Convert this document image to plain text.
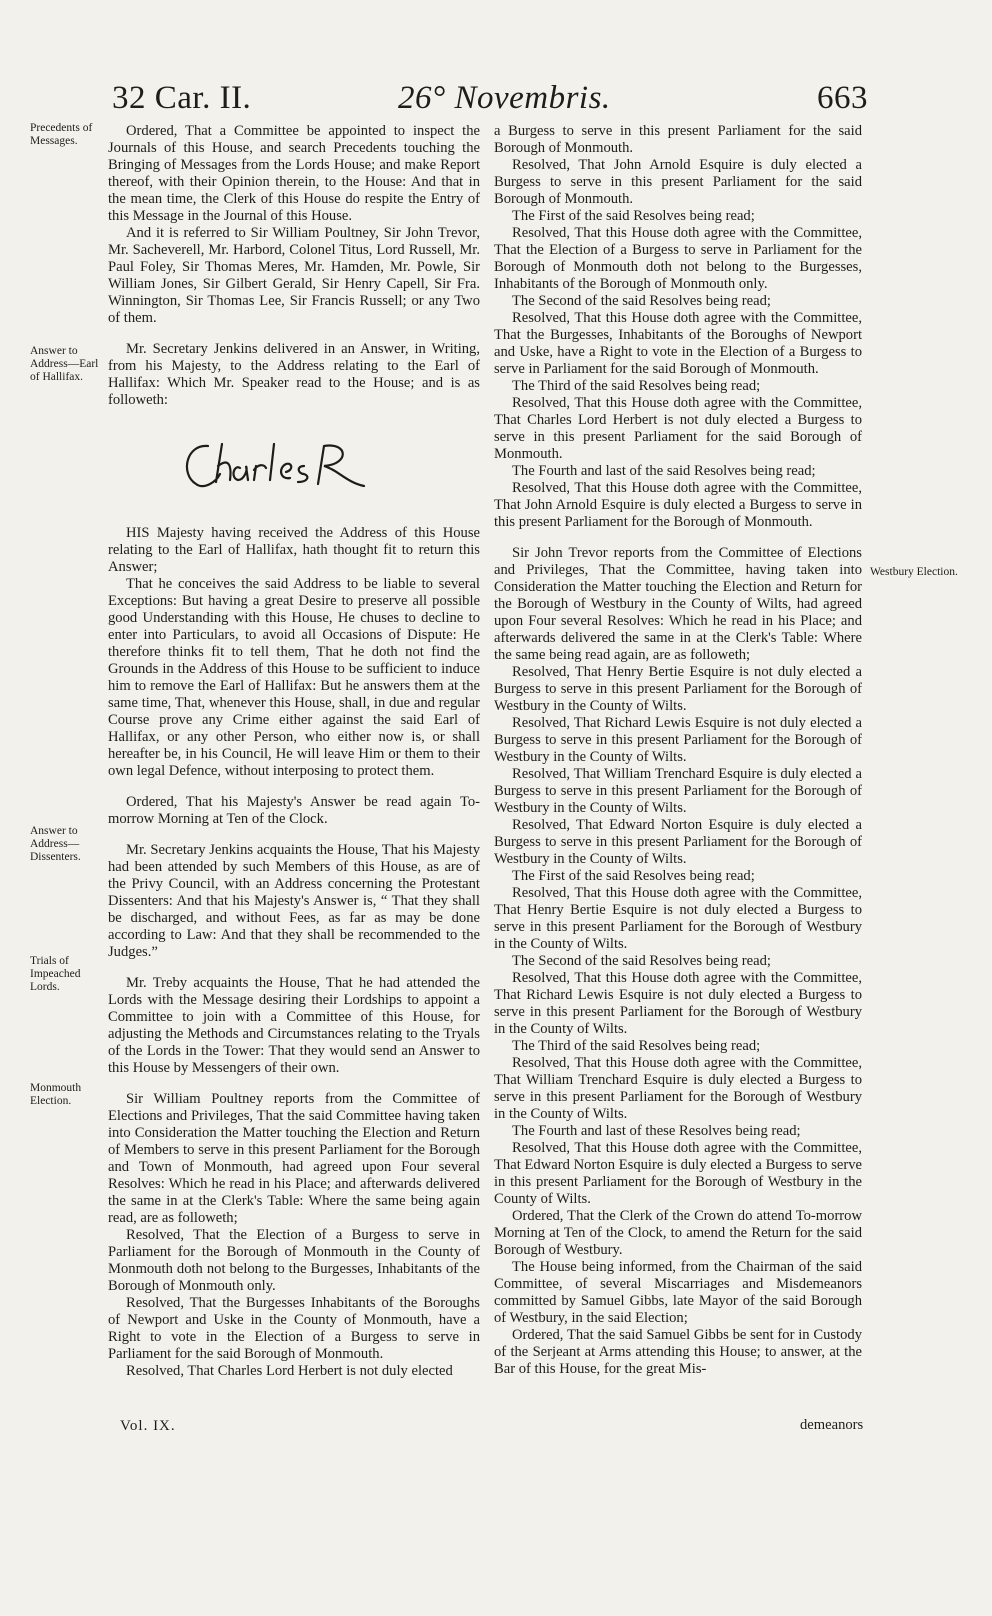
32 Car. II.	26° Novembris.	663
Precedents of Messages.
Answer to Address—Earl of Hallifax.
Answer to Address—Dissenters.
Trials of Impeached Lords.
Monmouth Election.
Westbury Election.

Ordered, That a Committee be appointed to inspect the Journals of this House, and search Precedents touching the Bringing of Messages from the Lords House; and make Report thereof, with their Opinion therein, to the House: And that in the mean time, the Clerk of this House do respite the Entry of this Message in the Journal of this House.

And it is referred to Sir William Poultney, Sir John Trevor, Mr. Sacheverell, Mr. Harbord, Colonel Titus, Lord Russell, Mr. Paul Foley, Sir Thomas Meres, Mr. Hamden, Mr. Powle, Sir William Jones, Sir Gilbert Gerald, Sir Henry Capell, Sir Fra. Winnington, Sir Thomas Lee, Sir Francis Russell; or any Two of them.

Mr. Secretary Jenkins delivered in an Answer, in Writing, from his Majesty, to the Address relating to the Earl of Hallifax: Which Mr. Speaker read to the House; and is as followeth:

HIS Majesty having received the Address of this House relating to the Earl of Hallifax, hath thought fit to return this Answer;

That he conceives the said Address to be liable to several Exceptions: But having a great Desire to preserve all possible good Understanding with this House, He chuses to decline to enter into Particulars, to avoid all Occasions of Dispute: He therefore thinks fit to tell them, That he doth not find the Grounds in the Address of this House to be sufficient to induce him to remove the Earl of Hallifax: But he answers them at the same time, That, whenever this House, shall, in due and regular Course prove any Crime either against the said Earl of Hallifax, or any other Person, who either now is, or shall hereafter be, in his Council, He will leave Him or them to their own legal Defence, without interposing to protect them.

Ordered, That his Majesty's Answer be read again To-morrow Morning at Ten of the Clock.

Mr. Secretary Jenkins acquaints the House, That his Majesty had been attended by such Members of this House, as are of the Privy Council, with an Address concerning the Protestant Dissenters: And that his Majesty's Answer is, “ That they shall be discharged, and without Fees, as far as may be done according to Law: And that they shall be recommended to the Judges.”

Mr. Treby acquaints the House, That he had attended the Lords with the Message desiring their Lordships to appoint a Committee to join with a Committee of this House, for adjusting the Methods and Circumstances relating to the Tryals of the Lords in the Tower: That they would send an Answer to this House by Messengers of their own.

Sir William Poultney reports from the Committee of Elections and Privileges, That the said Committee having taken into Consideration the Matter touching the Election and Return of Members to serve in this present Parliament for the Borough and Town of Monmouth, had agreed upon Four several Resolves: Which he read in his Place; and afterwards delivered the same in at the Clerk's Table: Where the same being again read, are as followeth;

Resolved, That the Election of a Burgess to serve in Parliament for the Borough of Monmouth in the County of Monmouth doth not belong to the Burgesses, Inhabitants of the Borough of Monmouth only.

Resolved, That the Burgesses Inhabitants of the Boroughs of Newport and Uske in the County of Monmouth, have a Right to vote in the Election of a Burgess to serve in Parliament for the said Borough of Monmouth.

Resolved, That Charles Lord Herbert is not duly elected

Vol. IX.

a Burgess to serve in this present Parliament for the said Borough of Monmouth.

Resolved, That John Arnold Esquire is duly elected a Burgess to serve in this present Parliament for the said Borough of Monmouth.

The First of the said Resolves being read;

Resolved, That this House doth agree with the Committee, That the Election of a Burgess to serve in Parliament for the Borough of Monmouth doth not belong to the Burgesses, Inhabitants of the Borough of Monmouth only.

The Second of the said Resolves being read;

Resolved, That this House doth agree with the Committee, That the Burgesses, Inhabitants of the Boroughs of Newport and Uske, have a Right to vote in the Election of a Burgess to serve in Parliament for the said Borough of Monmouth.

The Third of the said Resolves being read;

Resolved, That this House doth agree with the Committee, That Charles Lord Herbert is not duly elected a Burgess to serve in this present Parliament for the said Borough of Monmouth.

The Fourth and last of the said Resolves being read;

Resolved, That this House doth agree with the Committee, That John Arnold Esquire is duly elected a Burgess to serve in this present Parliament for the Borough of Monmouth.

Sir John Trevor reports from the Committee of Elections and Privileges, That the Committee, having taken into Consideration the Matter touching the Election and Return for the Borough of Westbury in the County of Wilts, had agreed upon Four several Resolves: Which he read in his Place; and afterwards delivered the same in at the Clerk's Table: Where the same being read again, are as followeth;

Resolved, That Henry Bertie Esquire is not duly elected a Burgess to serve in this present Parliament for the Borough of Westbury in the County of Wilts.

Resolved, That Richard Lewis Esquire is not duly elected a Burgess to serve in this present Parliament for the Borough of Westbury in the County of Wilts.

Resolved, That William Trenchard Esquire is duly elected a Burgess to serve in this present Parliament for the Borough of Westbury in the County of Wilts.

Resolved, That Edward Norton Esquire is duly elected a Burgess to serve in this present Parliament for the Borough of Westbury in the County of Wilts.

The First of the said Resolves being read;

Resolved, That this House doth agree with the Committee, That Henry Bertie Esquire is not duly elected a Burgess to serve in this present Parliament for the Borough of Westbury in the County of Wilts.

The Second of the said Resolves being read;

Resolved, That this House doth agree with the Committee, That Richard Lewis Esquire is not duly elected a Burgess to serve in this present Parliament for the Borough of Westbury in the County of Wilts.

The Third of the said Resolves being read;

Resolved, That this House doth agree with the Committee, That William Trenchard Esquire is duly elected a Burgess to serve in this present Parliament for the Borough of Westbury in the County of Wilts.

The Fourth and last of these Resolves being read;

Resolved, That this House doth agree with the Committee, That Edward Norton Esquire is duly elected a Burgess to serve in this present Parliament for the Borough of Westbury in the County of Wilts.

Ordered, That the Clerk of the Crown do attend To-morrow Morning at Ten of the Clock, to amend the Return for the said Borough of Westbury.

The House being informed, from the Chairman of the said Committee, of several Miscarriages and Misdemeanors committed by Samuel Gibbs, late Mayor of the said Borough of Westbury, in the said Election;

Ordered, That the said Samuel Gibbs be sent for in Custody of the Serjeant at Arms attending this House; to answer, at the Bar of this House, for the great Mis-

demeanors
